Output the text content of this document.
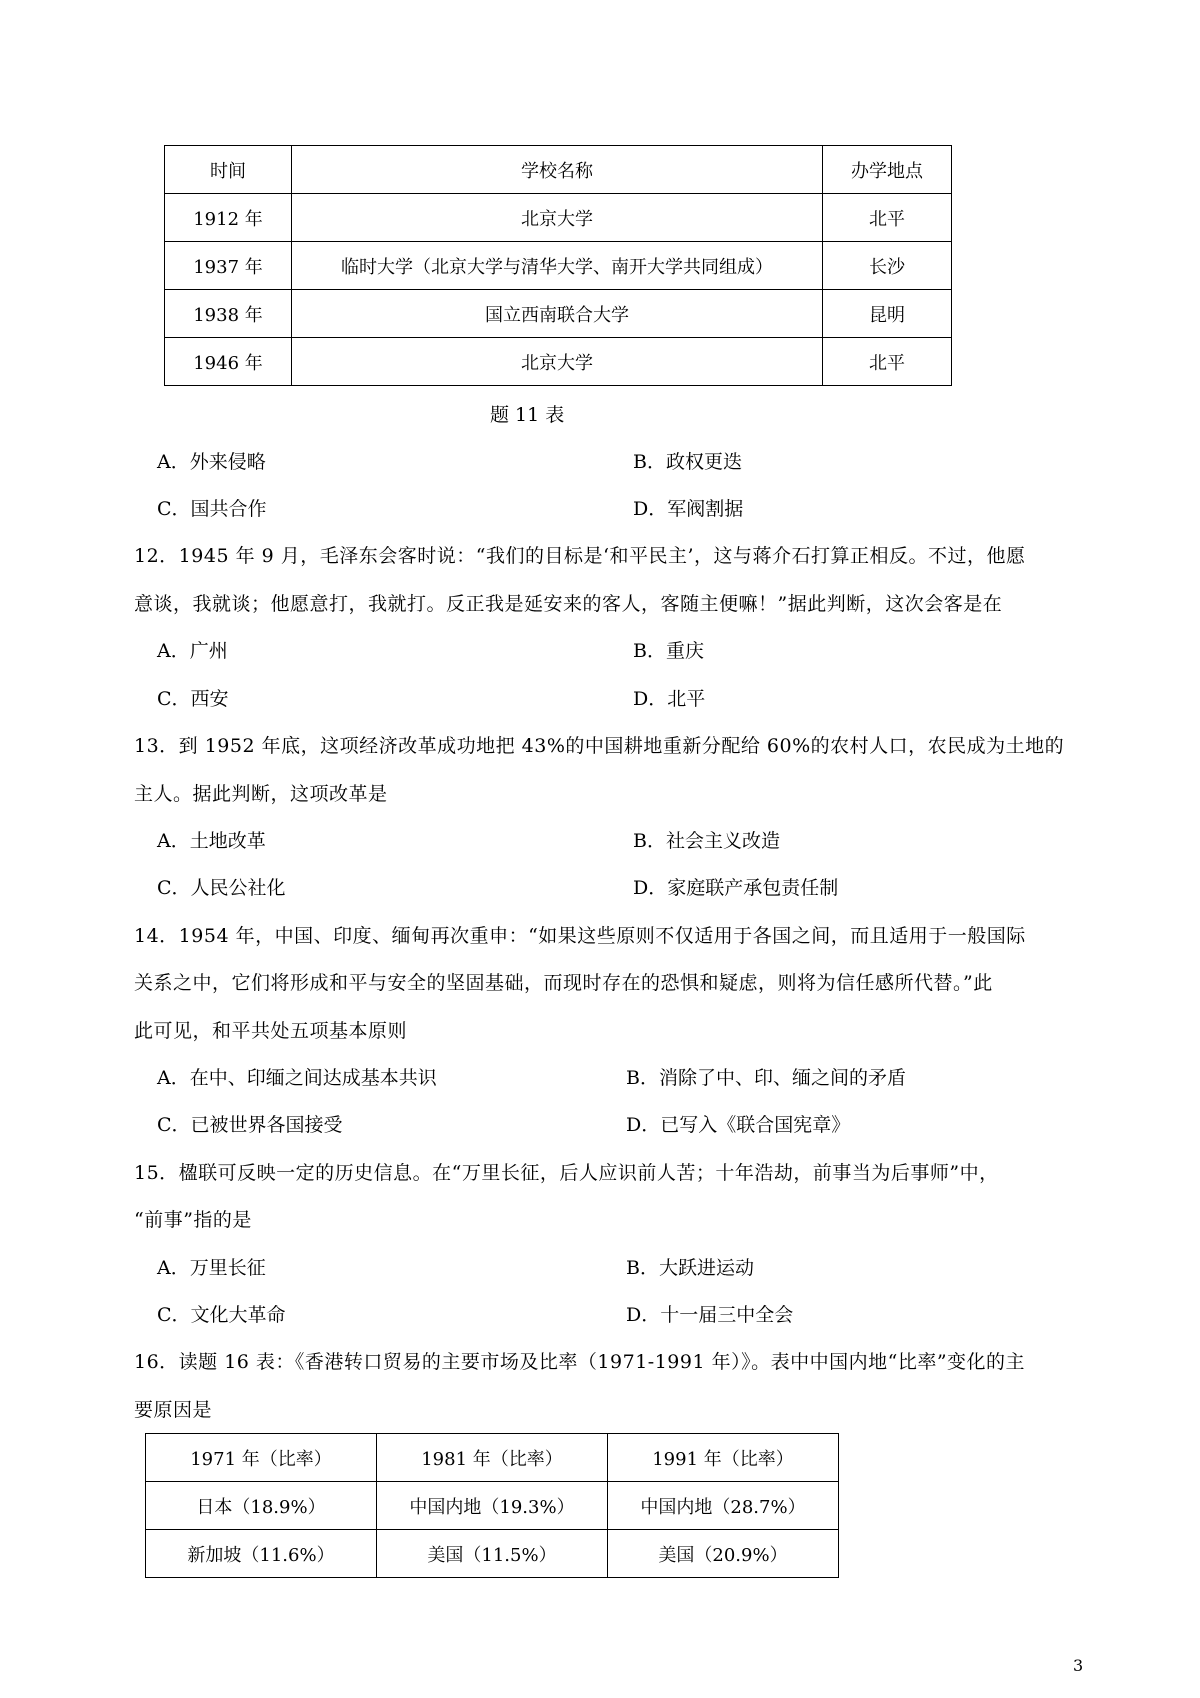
时间	学校名称	办学地点
1912 年	北京大学	北平
1937 年	临时大学（北京大学与清华大学、南开大学共同组成）	长沙
1938 年	国立西南联合大学	昆明
1946 年	北京大学	北平
题 11 表
A．外来侵略	B．政权更迭
C．国共合作	D．军阀割据
12．1945 年 9 月，毛泽东会客时说：“我们的目标是‘和平民主’，这与蒋介石打算正相反。不过，他愿
意谈，我就谈；他愿意打，我就打。反正我是延安来的客人，客随主便嘛！”据此判断，这次会客是在
A．广州	B．重庆
C．西安	D．北平
13．到 1952 年底，这项经济改革成功地把 43%的中国耕地重新分配给 60%的农村人口，农民成为土地的
主人。据此判断，这项改革是
A．土地改革	B．社会主义改造
C．人民公社化	D．家庭联产承包责任制
14．1954 年，中国、印度、缅甸再次重申：“如果这些原则不仅适用于各国之间，而且适用于一般国际
关系之中，它们将形成和平与安全的坚固基础，而现时存在的恐惧和疑虑，则将为信任感所代替。”此
此可见，和平共处五项基本原则
A．在中、印缅之间达成基本共识	B．消除了中、印、缅之间的矛盾
C．已被世界各国接受	D．已写入《联合国宪章》
15．楹联可反映一定的历史信息。在“万里长征，后人应识前人苦；十年浩劫，前事当为后事师”中，
“前事”指的是
A．万里长征	B．大跃进运动
C．文化大革命	D．十一届三中全会
16．读题 16 表：《香港转口贸易的主要市场及比率（1971-1991 年）》。表中中国内地“比率”变化的主
要原因是
1971 年（比率）	1981 年（比率）	1991 年（比率）
日本（18.9%）	中国内地（19.3%）	中国内地（28.7%）
新加坡（11.6%）	美国（11.5%）	美国（20.9%）
3
